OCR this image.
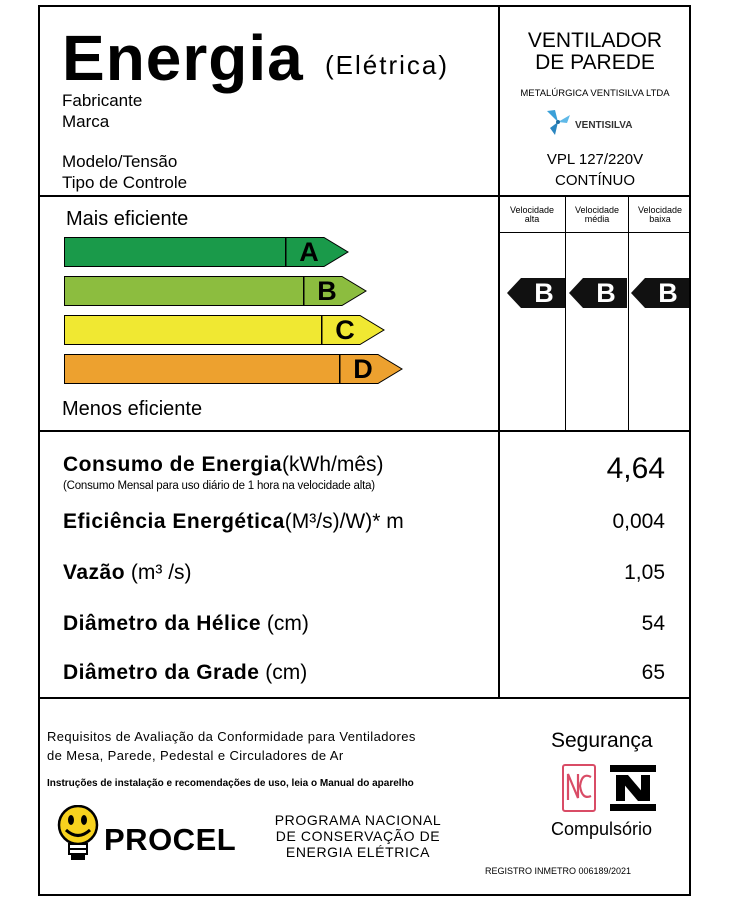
Energia (Elétrica)
Fabricante
Marca
Modelo/Tensão
Tipo de Controle
VENTILADOR
DE PAREDE
METALÚRGICA VENTISILVA LTDA
VENTISILVA
VPL 127/220V
CONTÍNUO
Mais eficiente
Menos eficiente
A
B
C
D
Velocidade
alta
Velocidade
média
Velocidade
baixa
B	B	B
Consumo de Energia(kWh/mês)
(Consumo Mensal para uso diário de 1 hora na velocidade alta)
4,64
Eficiência Energética(M³/s)/W)* m	0,004
Vazão (m³ /s)	1,05
Diâmetro da Hélice (cm)	54
Diâmetro da Grade (cm)	65
Requisitos de Avaliação da Conformidade para Ventiladores
de Mesa, Parede, Pedestal e Circuladores de Ar
Instruções de instalação e recomendações de uso, leia o Manual do aparelho
PROCEL
PROGRAMA NACIONAL
DE CONSERVAÇÃO DE
ENERGIA ELÉTRICA
Segurança
Compulsório
REGISTRO INMETRO 006189/2021
